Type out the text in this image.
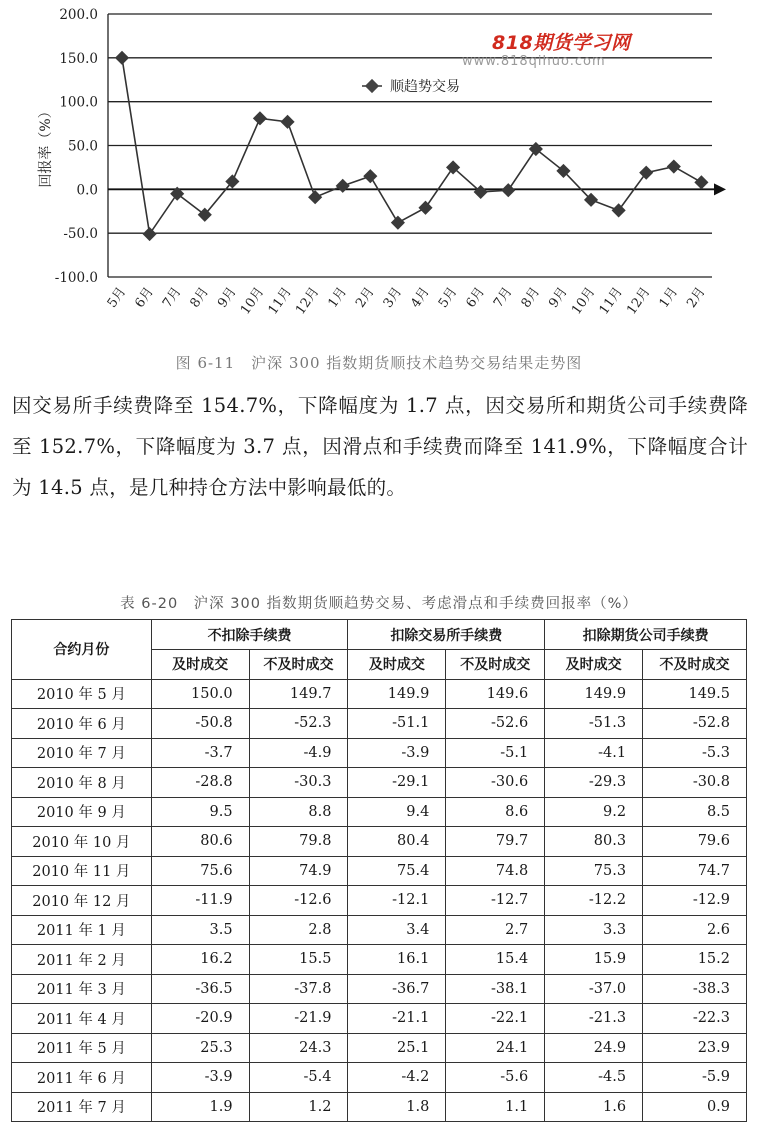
200.0
150.0
100.0
50.0
0.0
-50.0
-100.0
5月 6月 7月 8月 9月
10月
11月
12月 1月 2月 3月 4月 5月 6月 7月 8月 9月
10月
11月
12月 1月 2月
回报率（%）
顺趋势交易
818期货学习网
www.818qihuo.com
图 6-11　沪深 300 指数期货顺技术趋势交易结果走势图

因交易所手续费降至 154.7%，下降幅度为 1.7 点，因交易所和期货公司手续费降至 152.7%，下降幅度为 3.7 点，因滑点和手续费而降至 141.9%，下降幅度合计为 14.5 点，是几种持仓方法中影响最低的。

表 6-20　沪深 300 指数期货顺趋势交易、考虑滑点和手续费回报率（%）
合约月份	不扣除手续费		扣除交易所手续费		扣除期货公司手续费	
	及时成交	不及时成交	及时成交	不及时成交	及时成交	不及时成交
2010 年 5 月	150.0	149.7	149.9	149.6	149.9	149.5
2010 年 6 月	-50.8	-52.3	-51.1	-52.6	-51.3	-52.8
2010 年 7 月	-3.7	-4.9	-3.9	-5.1	-4.1	-5.3
2010 年 8 月	-28.8	-30.3	-29.1	-30.6	-29.3	-30.8
2010 年 9 月	9.5	8.8	9.4	8.6	9.2	8.5
2010 年 10 月	80.6	79.8	80.4	79.7	80.3	79.6
2010 年 11 月	75.6	74.9	75.4	74.8	75.3	74.7
2010 年 12 月	-11.9	-12.6	-12.1	-12.7	-12.2	-12.9
2011 年 1 月	3.5	2.8	3.4	2.7	3.3	2.6
2011 年 2 月	16.2	15.5	16.1	15.4	15.9	15.2
2011 年 3 月	-36.5	-37.8	-36.7	-38.1	-37.0	-38.3
2011 年 4 月	-20.9	-21.9	-21.1	-22.1	-21.3	-22.3
2011 年 5 月	25.3	24.3	25.1	24.1	24.9	23.9
2011 年 6 月	-3.9	-5.4	-4.2	-5.6	-4.5	-5.9
2011 年 7 月	1.9	1.2	1.8	1.1	1.6	0.9
